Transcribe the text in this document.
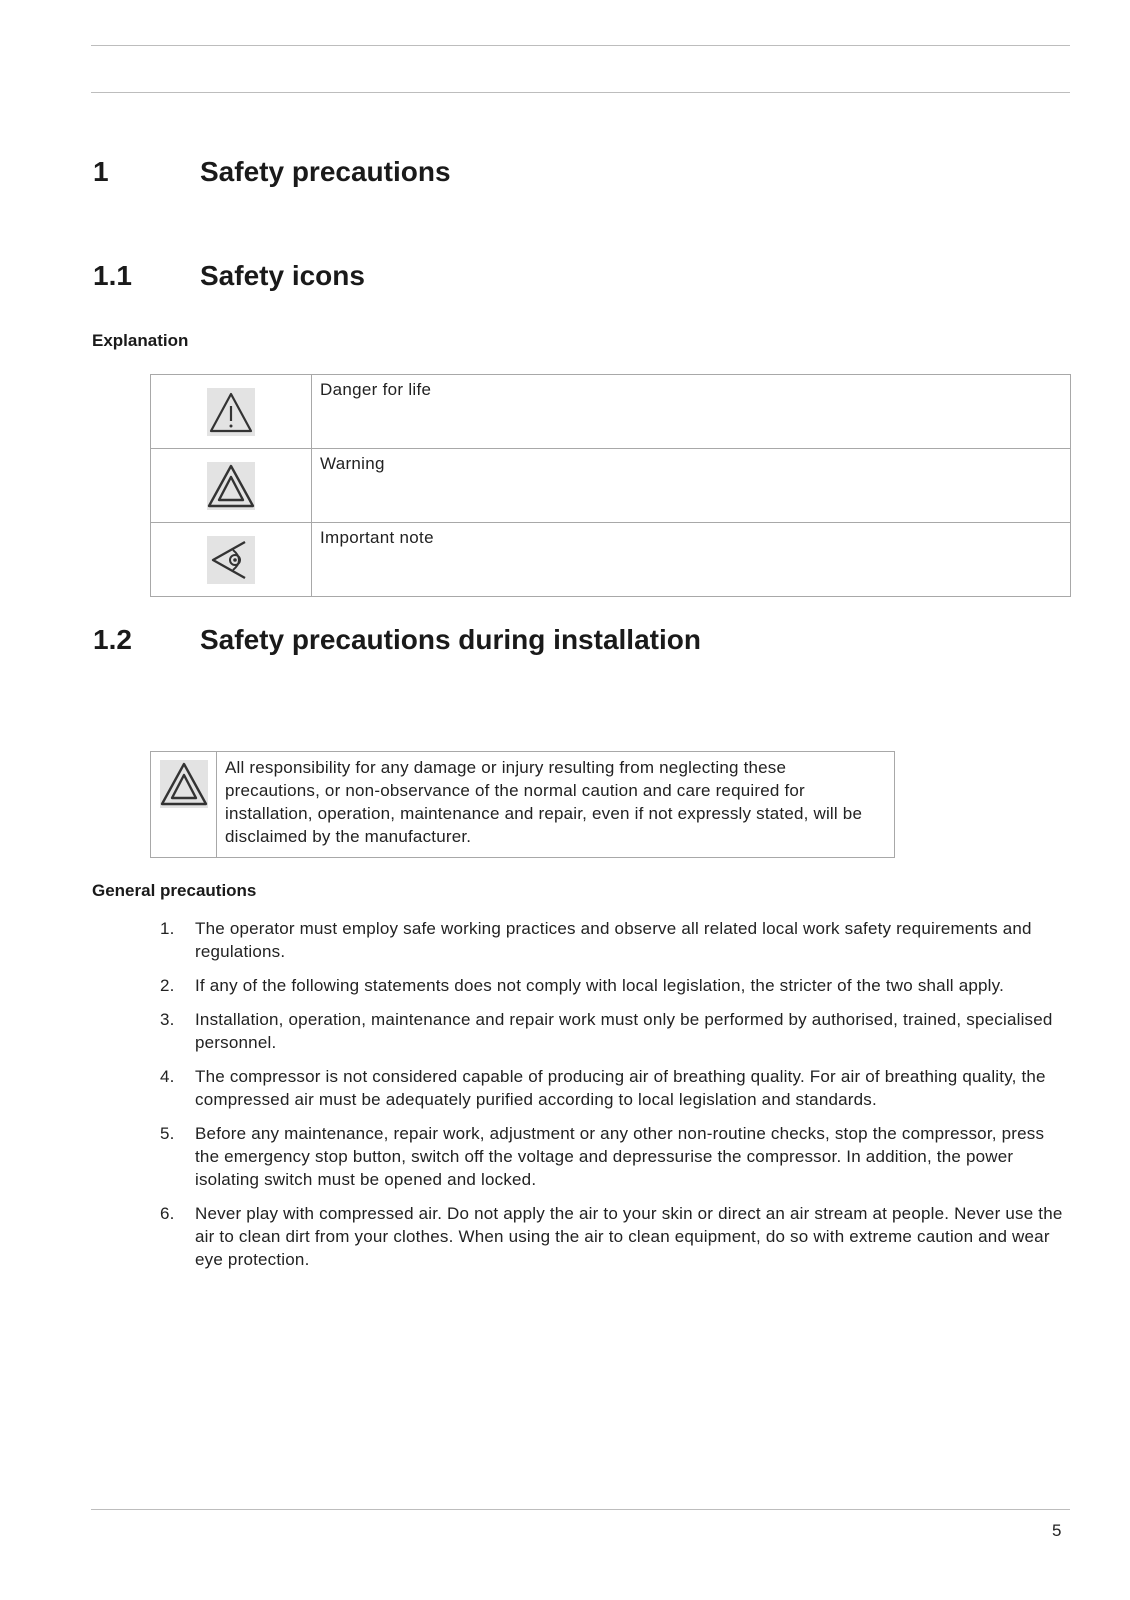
1	Safety precautions
1.1 Safety icons
Explanation
	Danger for life

	Warning

	Important note
1.2 Safety precautions during installation
	All responsibility for any damage or injury resulting from neglecting these precautions, or non-observance of the normal caution and care required for installation, operation, maintenance and repair, even if not expressly stated, will be disclaimed by the manufacturer.
General precautions
1. The operator must employ safe working practices and observe all related local work safety requirements and regulations.
2. If any of the following statements does not comply with local legislation, the stricter of the two shall apply.
3. Installation, operation, maintenance and repair work must only be performed by authorised, trained, specialised personnel.
4. The compressor is not considered capable of producing air of breathing quality. For air of breathing quality, the compressed air must be adequately purified according to local legislation and standards.
5. Before any maintenance, repair work, adjustment or any other non-routine checks, stop the compressor, press the emergency stop button, switch off the voltage and depressurise the compressor. In addition, the power isolating switch must be opened and locked.
6. Never play with compressed air. Do not apply the air to your skin or direct an air stream at people. Never use the air to clean dirt from your clothes. When using the air to clean equipment, do so with extreme caution and wear eye protection.
5
